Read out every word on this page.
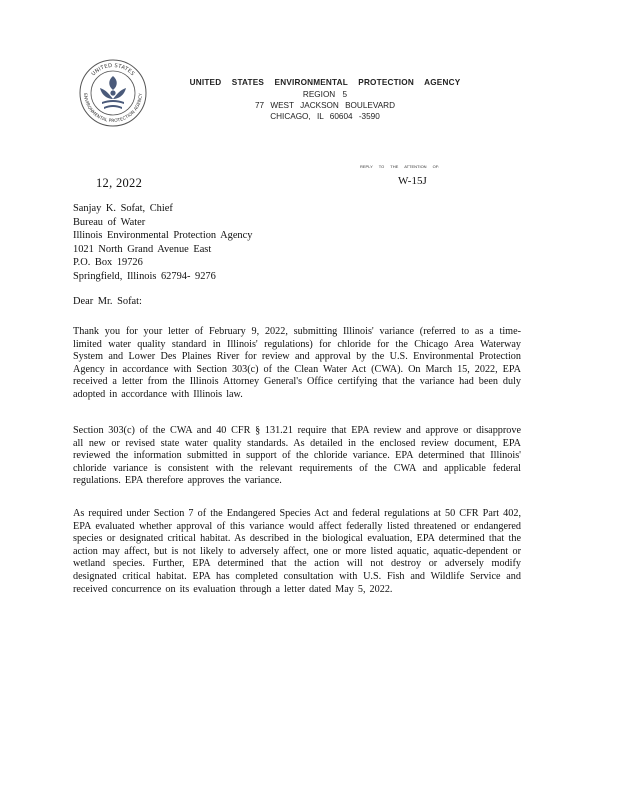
UNITED STATES
ENVIRONMENTAL PROTECTION AGENCY
UNITED STATES ENVIRONMENTAL PROTECTION AGENCY
REGION 5
77 WEST JACKSON BOULEVARD
CHICAGO, IL 60604 -3590
REPLY TO THE ATTENTION OF:
W-15J
12, 2022
Sanjay K. Sofat, Chief
Bureau of Water
Illinois Environmental Protection Agency
1021 North Grand Avenue East
P.O. Box 19726
Springfield, Illinois 62794- 9276
Dear Mr. Sofat:

Thank you for your letter of February 9, 2022, submitting Illinois' variance (referred to as a time-limited water quality standard in Illinois' regulations) for chloride for the Chicago Area Waterway System and Lower Des Plaines River for review and approval by the U.S. Environmental Protection Agency in accordance with Section 303(c) of the Clean Water Act (CWA). On March 15, 2022, EPA received a letter from the Illinois Attorney General's Office certifying that the variance had been duly adopted in accordance with Illinois law.

Section 303(c) of the CWA and 40 CFR § 131.21 require that EPA review and approve or disapprove all new or revised state water quality standards. As detailed in the enclosed review document, EPA reviewed the information submitted in support of the chloride variance. EPA determined that Illinois' chloride variance is consistent with the relevant requirements of the CWA and applicable federal regulations. EPA therefore approves the variance.

As required under Section 7 of the Endangered Species Act and federal regulations at 50 CFR Part 402, EPA evaluated whether approval of this variance would affect federally listed threatened or endangered species or designated critical habitat. As described in the biological evaluation, EPA determined that the action may affect, but is not likely to adversely affect, one or more listed aquatic, aquatic-dependent or wetland species. Further, EPA determined that the action will not destroy or adversely modify designated critical habitat. EPA has completed consultation with U.S. Fish and Wildlife Service and received concurrence on its evaluation through a letter dated May 5, 2022.
